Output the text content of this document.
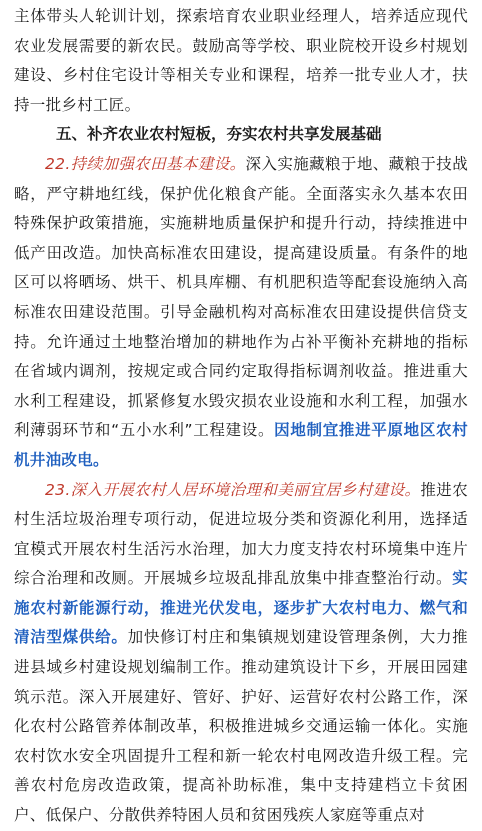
主体带头人轮训计划，探索培育农业职业经理人，培养适应现代农业发展需要的新农民。鼓励高等学校、职业院校开设乡村规划建设、乡村住宅设计等相关专业和课程，培养一批专业人才，扶持一批乡村工匠。

五、补齐农业农村短板，夯实农村共享发展基础

22.持续加强农田基本建设。深入实施藏粮于地、藏粮于技战略，严守耕地红线，保护优化粮食产能。全面落实永久基本农田特殊保护政策措施，实施耕地质量保护和提升行动，持续推进中低产田改造。加快高标准农田建设，提高建设质量。有条件的地区可以将晒场、烘干、机具库棚、有机肥积造等配套设施纳入高标准农田建设范围。引导金融机构对高标准农田建设提供信贷支持。允许通过土地整治增加的耕地作为占补平衡补充耕地的指标在省域内调剂，按规定或合同约定取得指标调剂收益。推进重大水利工程建设，抓紧修复水毁灾损农业设施和水利工程，加强水利薄弱环节和“五小水利”工程建设。因地制宜推进平原地区农村机井油改电。

23.深入开展农村人居环境治理和美丽宜居乡村建设。推进农村生活垃圾治理专项行动，促进垃圾分类和资源化利用，选择适宜模式开展农村生活污水治理，加大力度支持农村环境集中连片综合治理和改厕。开展城乡垃圾乱排乱放集中排查整治行动。实施农村新能源行动，推进光伏发电，逐步扩大农村电力、燃气和清洁型煤供给。加快修订村庄和集镇规划建设管理条例，大力推进县域乡村建设规划编制工作。推动建筑设计下乡，开展田园建筑示范。深入开展建好、管好、护好、运营好农村公路工作，深化农村公路管养体制改革，积极推进城乡交通运输一体化。实施农村饮水安全巩固提升工程和新一轮农村电网改造升级工程。完善农村危房改造政策，提高补助标准，集中支持建档立卡贫困户、低保户、分散供养特困人员和贫困残疾人家庭等重点对
